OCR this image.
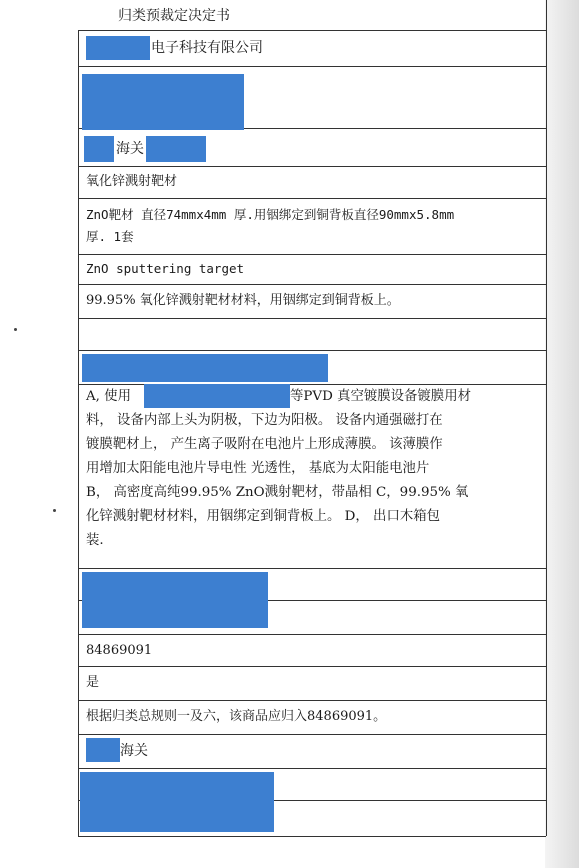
归类预裁定决定书
电子科技有限公司
海关
氧化锌溅射靶材
ZnO靶材 直径74mmx4mm 厚.用铟绑定到铜背板直径90mmx5.8mm
厚. 1套
ZnO sputtering target
99.95% 氧化锌溅射靶材材料，用铟绑定到铜背板上。
A, 使用	等PVD 真空镀膜设备镀膜用材
料， 设备内部上头为阴极，下边为阳极。 设备内通强磁打在
镀膜靶材上， 产生离子吸附在电池片上形成薄膜。 该薄膜作
用增加太阳能电池片导电性 光透性， 基底为太阳能电池片
B， 高密度高纯99.95% ZnO溅射靶材，带晶相 C，99.95% 氧
化锌溅射靶材材料，用铟绑定到铜背板上。 D， 出口木箱包
装.
84869091
是
根据归类总规则一及六，该商品应归入84869091。
海关
